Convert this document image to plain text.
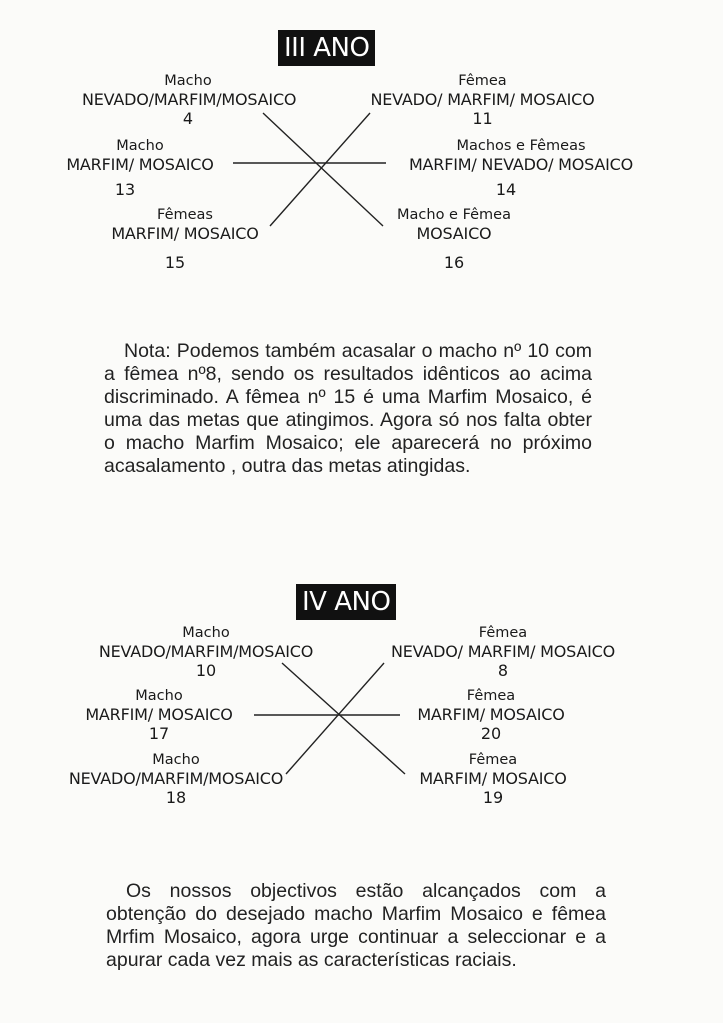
III ANO
Macho
NEVADO/MARFIM/MOSAICO
4
Fêmea
NEVADO/ MARFIM/ MOSAICO
11
Macho
MARFIM/ MOSAICO
13
Machos e Fêmeas
MARFIM/ NEVADO/ MOSAICO
14
Fêmeas
MARFIM/ MOSAICO
15
Macho e Fêmea
MOSAICO
16
Nota: Podemos também acasalar o macho nº 10 com a fêmea nº8, sendo os resultados idênticos ao acima discriminado. A fêmea nº 15 é uma Marfim Mosaico, é uma das metas que atingimos. Agora só nos falta obter o macho Marfim Mosaico; ele aparecerá no próximo acasalamento , outra das metas atingidas.
IV ANO
Macho
NEVADO/MARFIM/MOSAICO
10
Fêmea
NEVADO/ MARFIM/ MOSAICO
8
Macho
MARFIM/ MOSAICO
17
Fêmea
MARFIM/ MOSAICO
20
Macho
NEVADO/MARFIM/MOSAICO
18
Fêmea
MARFIM/ MOSAICO
19
Os nossos objectivos estão alcançados com a obtenção do desejado macho Marfim Mosaico e fêmea Mrfim Mosaico, agora urge continuar a seleccionar e a apurar cada vez mais as características raciais.
